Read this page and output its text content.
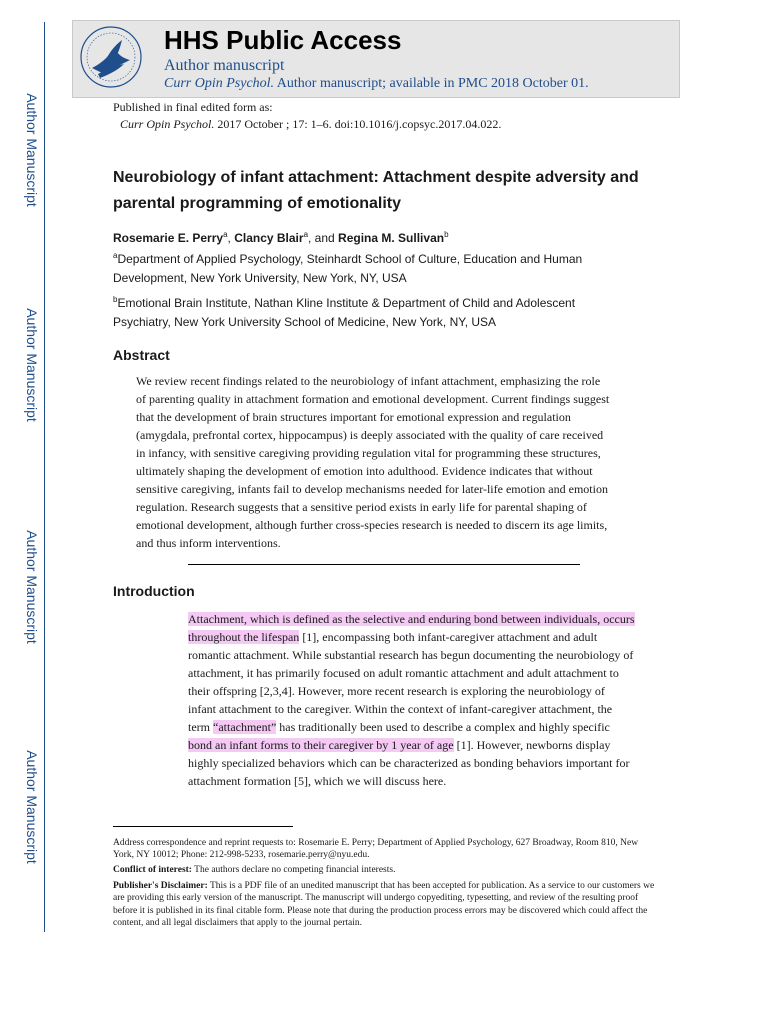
Author Manuscript
Author Manuscript
Author Manuscript
Author Manuscript
HHS Public Access
Author manuscript
Curr Opin Psychol. Author manuscript; available in PMC 2018 October 01.
Published in final edited form as:
Curr Opin Psychol. 2017 October ; 17: 1–6. doi:10.1016/j.copsyc.2017.04.022.
Neurobiology of infant attachment: Attachment despite adversity and parental programming of emotionality
Rosemarie E. Perry$^a$, Clancy Blair$^a$, and Regina M. Sullivan$^b$
$^a$Department of Applied Psychology, Steinhardt School of Culture, Education and Human
Development, New York University, New York, NY, USA
$^b$Emotional Brain Institute, Nathan Kline Institute & Department of Child and Adolescent
Psychiatry, New York University School of Medicine, New York, NY, USA
Abstract
We review recent findings related to the neurobiology of infant attachment, emphasizing the role
of parenting quality in attachment formation and emotional development. Current findings suggest
that the development of brain structures important for emotional expression and regulation
(amygdala, prefrontal cortex, hippocampus) is deeply associated with the quality of care received
in infancy, with sensitive caregiving providing regulation vital for programming these structures,
ultimately shaping the development of emotion into adulthood. Evidence indicates that without
sensitive caregiving, infants fail to develop mechanisms needed for later-life emotion and emotion
regulation. Research suggests that a sensitive period exists in early life for parental shaping of
emotional development, although further cross-species research is needed to discern its age limits,
and thus inform interventions.
Introduction
Attachment, which is defined as the selective and enduring bond between individuals, occurs
throughout the lifespan [1], encompassing both infant-caregiver attachment and adult
romantic attachment. While substantial research has begun documenting the neurobiology of
attachment, it has primarily focused on adult romantic attachment and adult attachment to
their offspring [2,3,4]. However, more recent research is exploring the neurobiology of
infant attachment to the caregiver. Within the context of infant-caregiver attachment, the
term “attachment” has traditionally been used to describe a complex and highly specific
bond an infant forms to their caregiver by 1 year of age [1]. However, newborns display
highly specialized behaviors which can be characterized as bonding behaviors important for
attachment formation [5], which we will discuss here.
Address correspondence and reprint requests to: Rosemarie E. Perry; Department of Applied Psychology, 627 Broadway, Room 810, New York, NY 10012; Phone: 212-998-5233, rosemarie.perry@nyu.edu.
Conflict of interest: The authors declare no competing financial interests.
Publisher's Disclaimer: This is a PDF file of an unedited manuscript that has been accepted for publication. As a service to our customers we are providing this early version of the manuscript. The manuscript will undergo copyediting, typesetting, and review of the resulting proof before it is published in its final citable form. Please note that during the production process errors may be discovered which could affect the content, and all legal disclaimers that apply to the journal pertain.
